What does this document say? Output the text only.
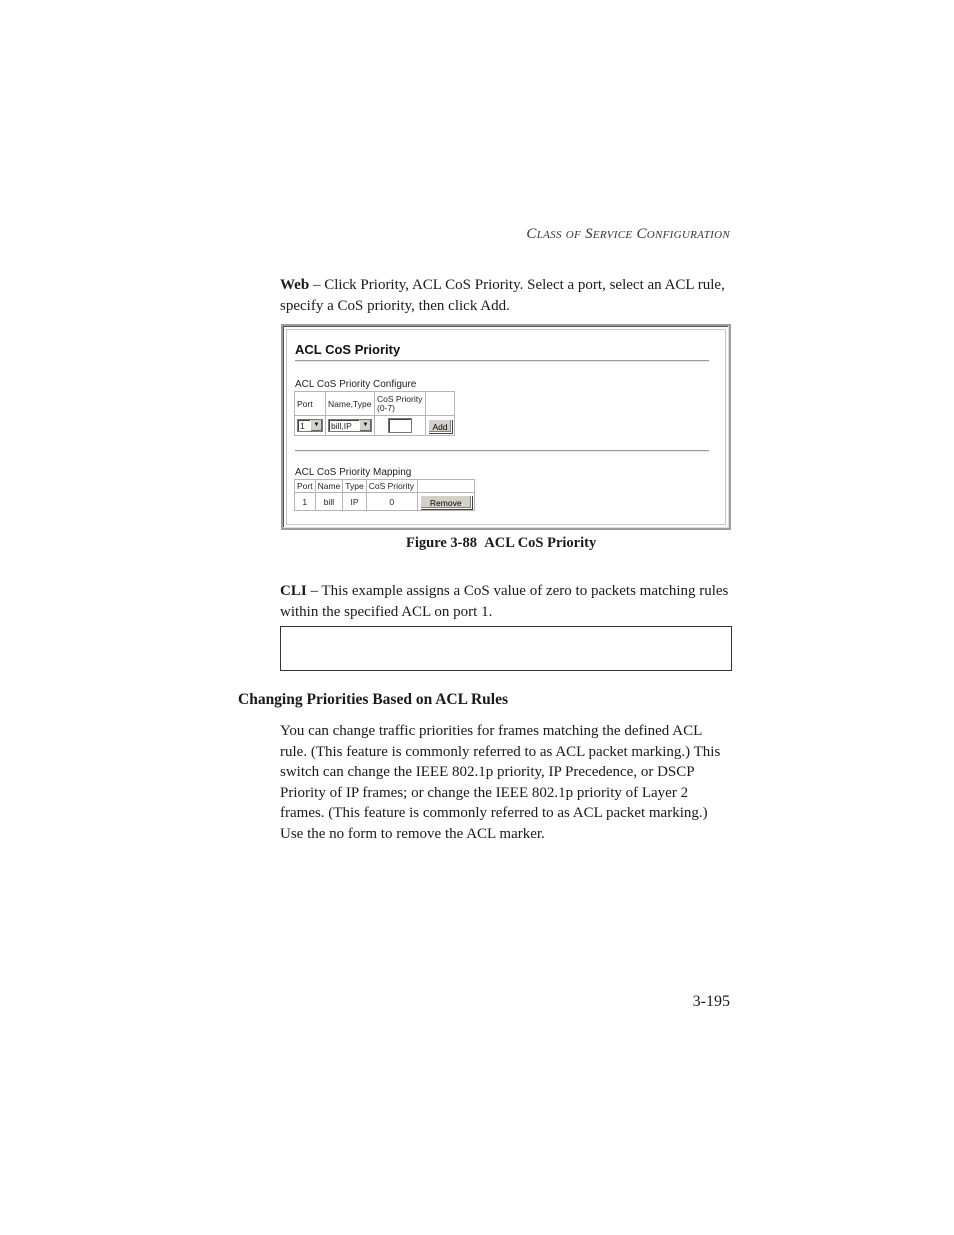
Class of Service Configuration
Web – Click Priority, ACL CoS Priority. Select a port, select an ACL rule, specify a CoS priority, then click Add.
ACL CoS Priority
ACL CoS Priority Configure
Port	Name,Type	CoS Priority (0-7)	
1 ▼	bill,IP ▼		Add
ACL CoS Priority Mapping
Port	Name	Type	CoS Priority	
1	bill	IP	0	Remove
Figure 3-88 ACL CoS Priority
CLI – This example assigns a CoS value of zero to packets matching rules within the specified ACL on port 1.
Changing Priorities Based on ACL Rules
You can change traffic priorities for frames matching the defined ACL rule. (This feature is commonly referred to as ACL packet marking.) This switch can change the IEEE 802.1p priority, IP Precedence, or DSCP Priority of IP frames; or change the IEEE 802.1p priority of Layer 2 frames. (This feature is commonly referred to as ACL packet marking.) Use the no form to remove the ACL marker.
3-195
